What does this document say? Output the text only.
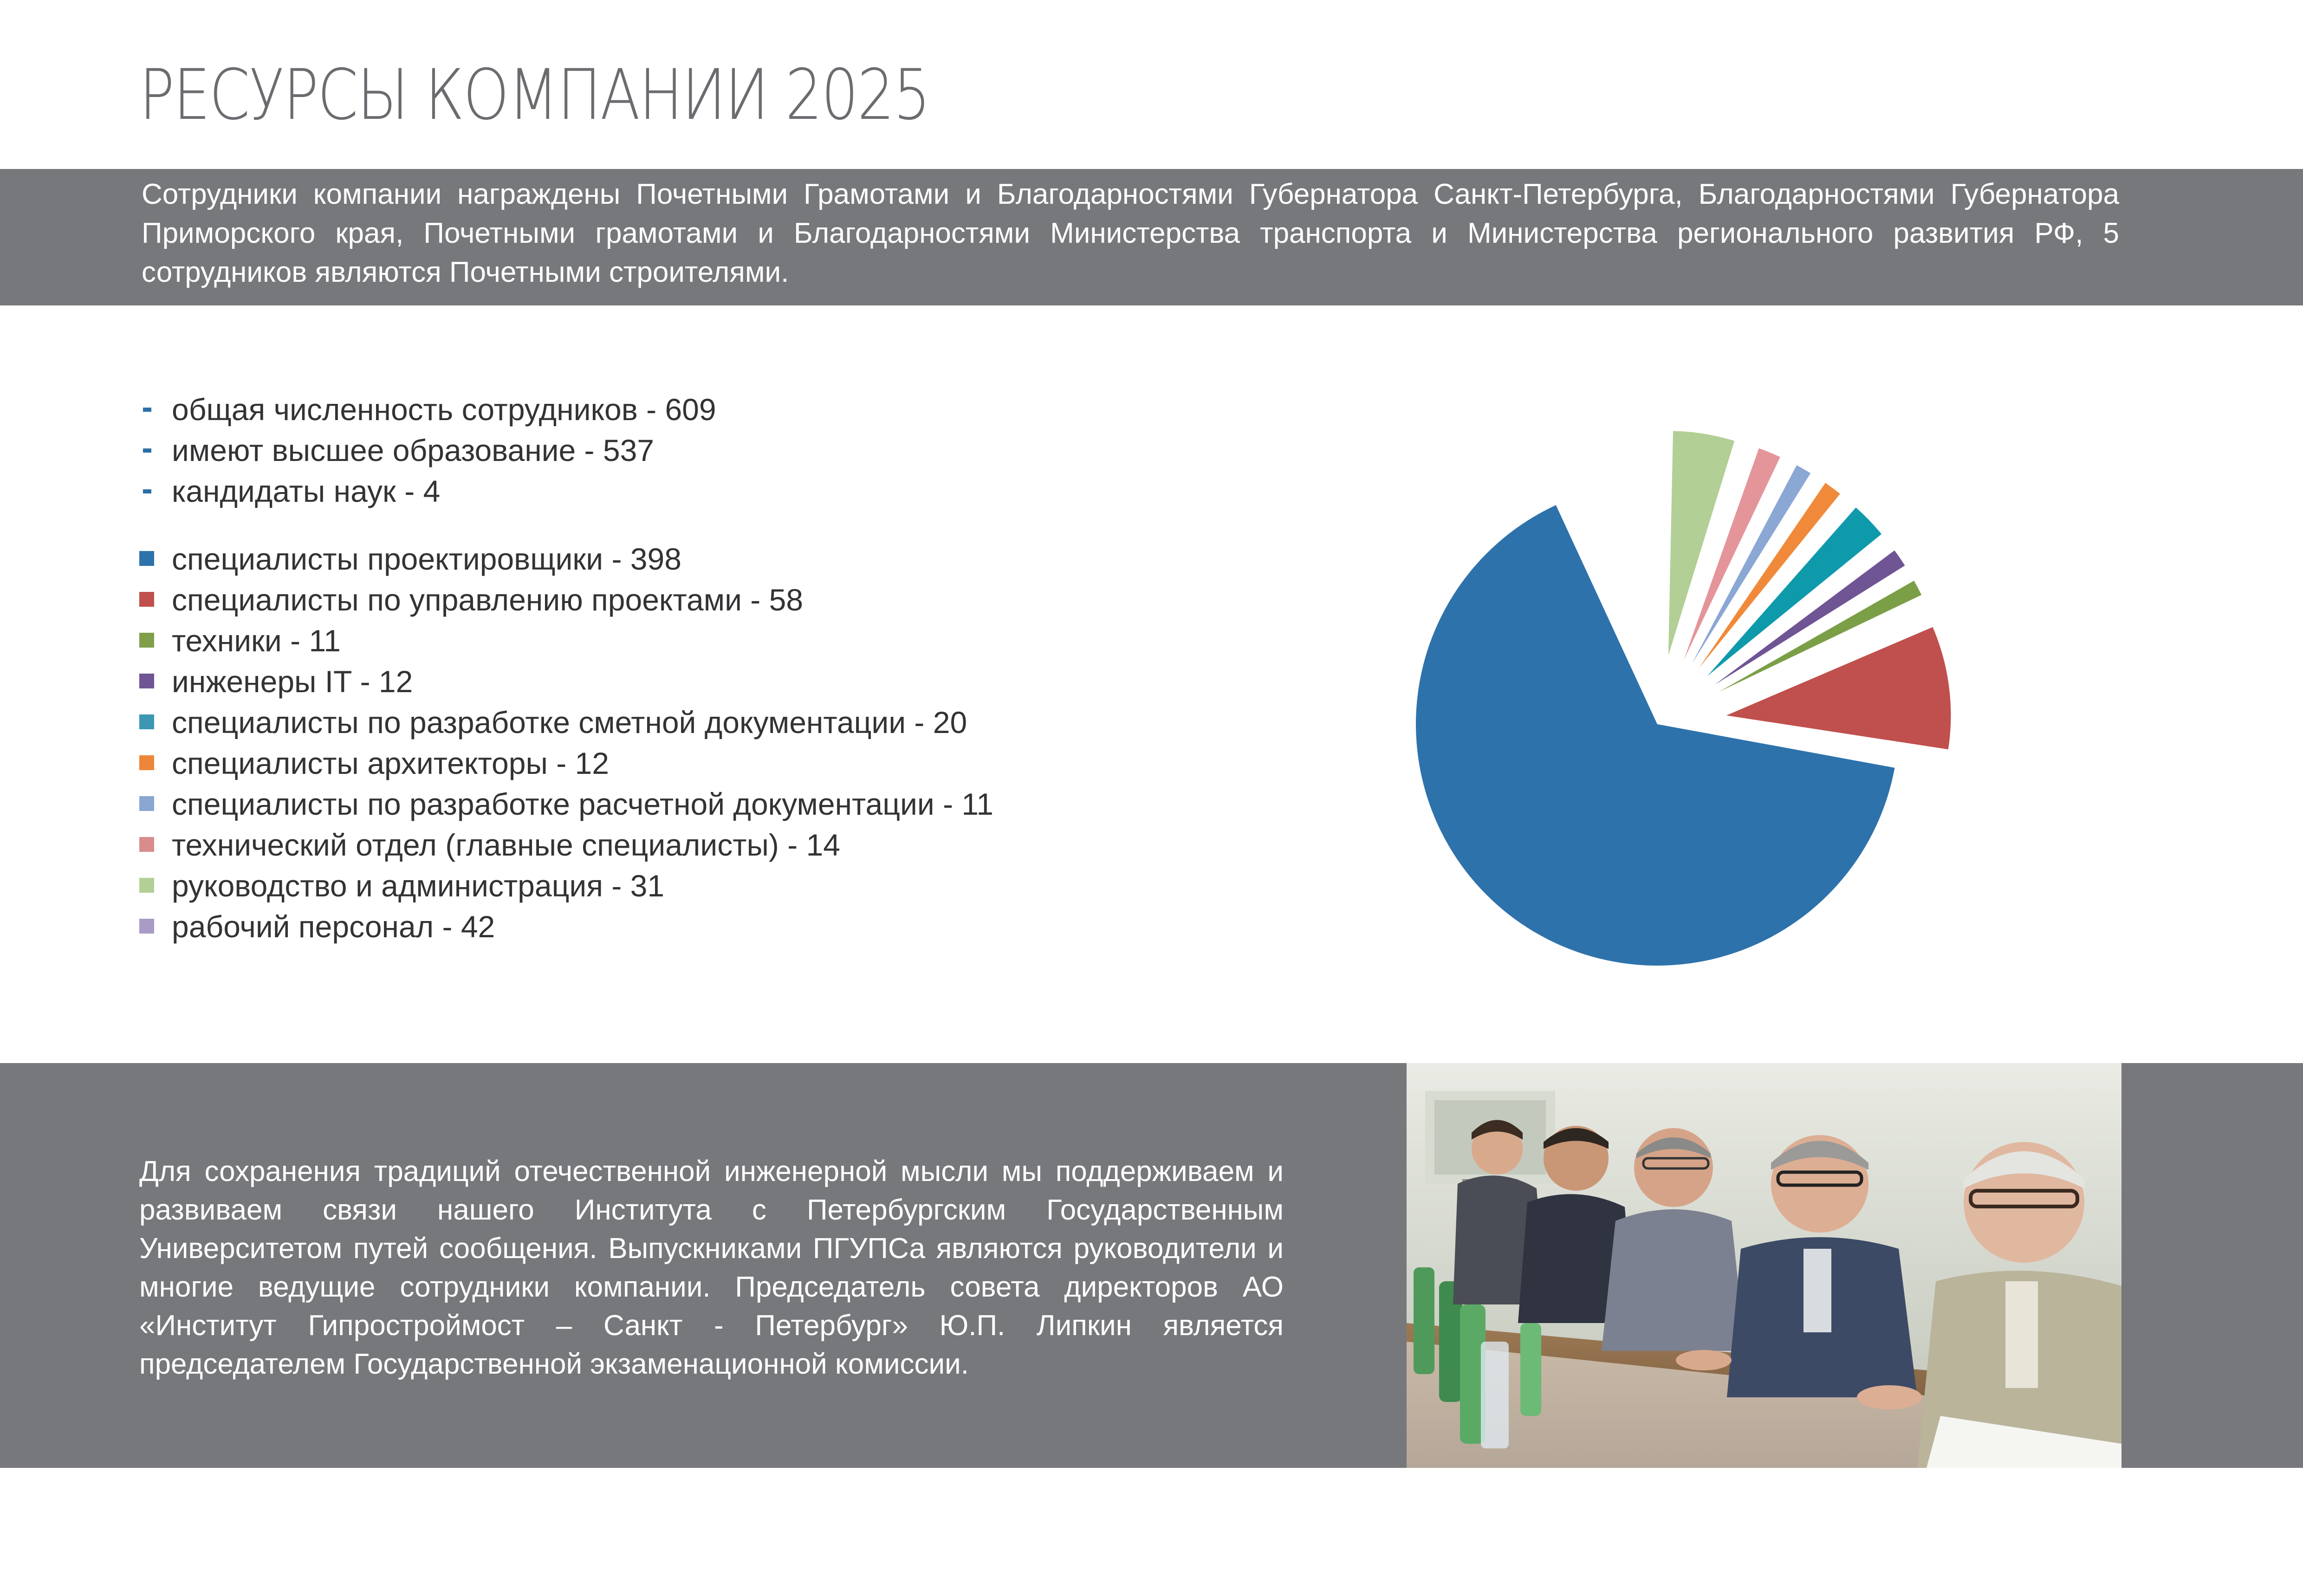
РЕСУРСЫ КОМПАНИИ 2025
Сотрудники компании награждены Почетными Грамотами и Благодарностями Губернатора Санкт-Петербурга, Благодарностями Губернатора Приморского края, Почетными грамотами и Благодарностями Министерства транспорта и Министерства регионального развития РФ, 5 сотрудников являются Почетными строителями.
общая численность сотрудников - 609
имеют высшее образование - 537
кандидаты наук - 4
специалисты проектировщики - 398
специалисты по управлению проектами - 58
техники - 11
инженеры IT - 12
специалисты по разработке сметной документации - 20
специалисты архитекторы - 12
специалисты по разработке расчетной документации - 11
технический отдел (главные специалисты) - 14
руководство и администрация - 31
рабочий персонал - 42
Для сохранения традиций отечественной инженерной мысли мы поддерживаем и развиваем связи нашего Института с Петербургским Государственным Университетом путей сообщения. Выпускниками ПГУПСа являются руководители и многие ведущие сотрудники компании. Председатель совета директоров АО «Институт Гипростроймост – Санкт - Петербург» Ю.П. Липкин является председателем Государственной экзаменационной комиссии.
